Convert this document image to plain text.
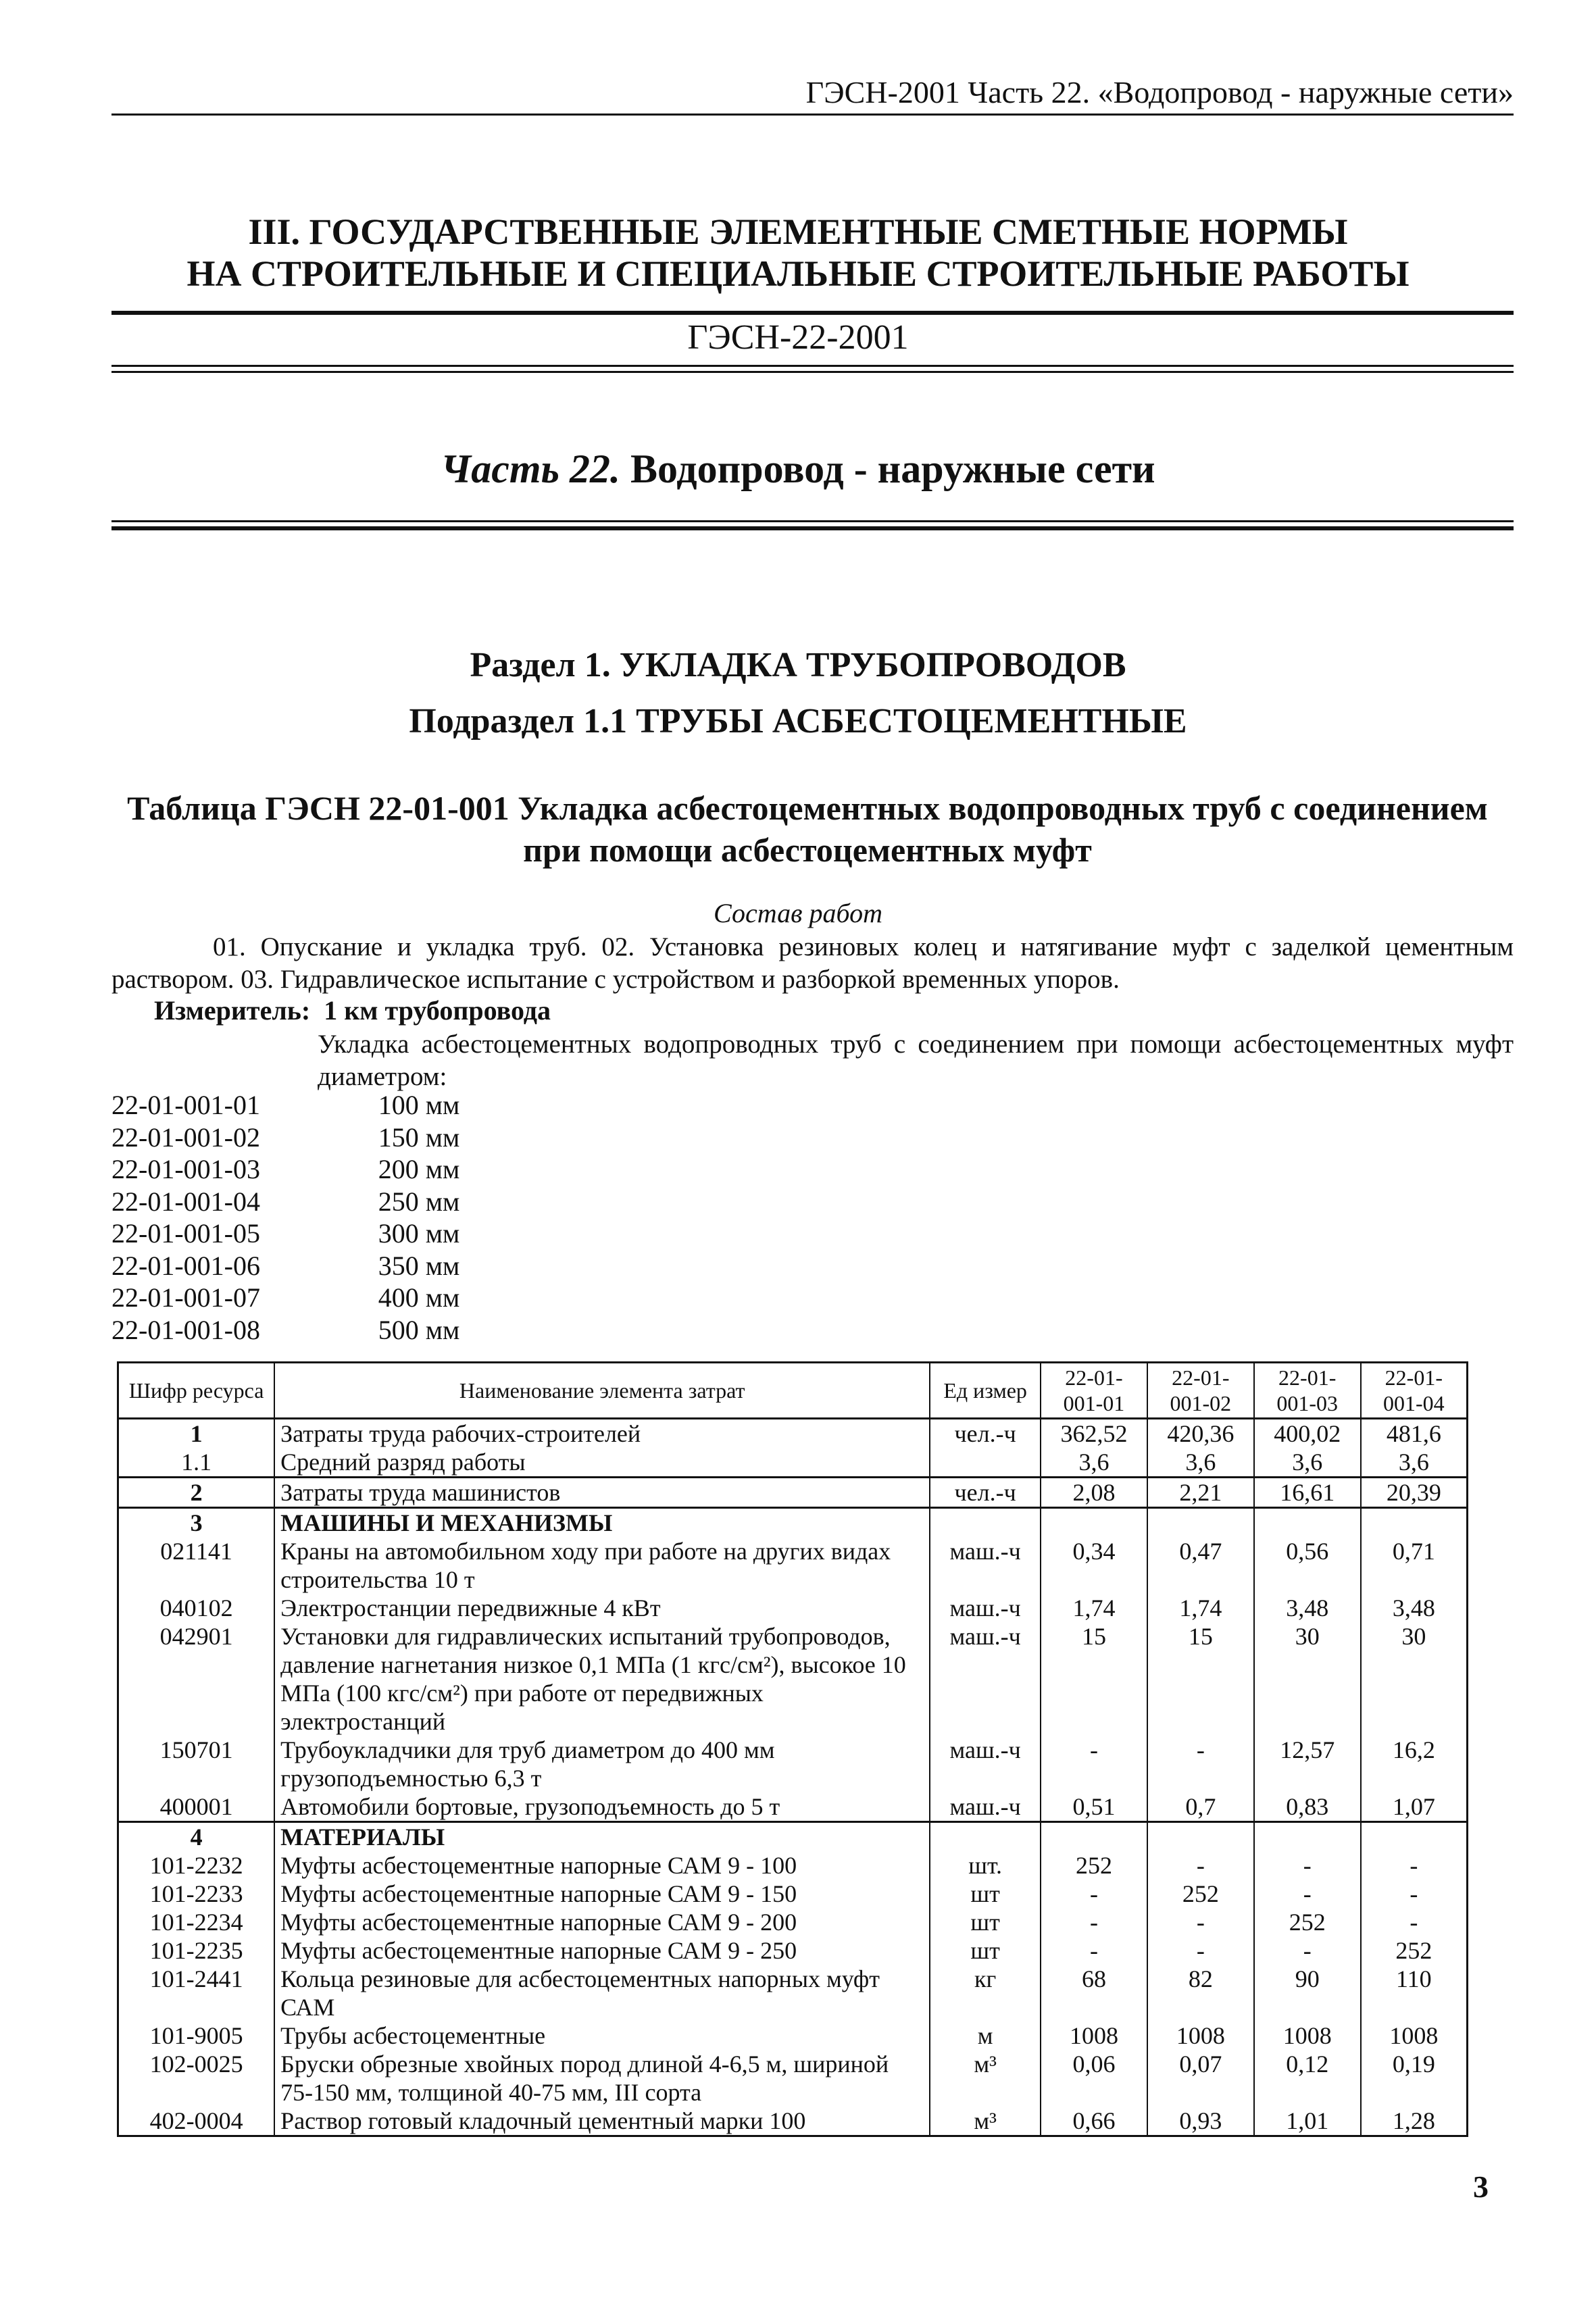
ГЭСН-2001 Часть 22. «Водопровод - наружные сети»
III. ГОСУДАРСТВЕННЫЕ ЭЛЕМЕНТНЫЕ СМЕТНЫЕ НОРМЫ
НА СТРОИТЕЛЬНЫЕ И СПЕЦИАЛЬНЫЕ СТРОИТЕЛЬНЫЕ РАБОТЫ
ГЭСН-22-2001
Часть 22. Водопровод - наружные сети
Раздел 1. УКЛАДКА ТРУБОПРОВОДОВ
Подраздел 1.1 ТРУБЫ АСБЕСТОЦЕМЕНТНЫЕ
Таблица ГЭСН 22-01-001 Укладка асбестоцементных водопроводных труб с соединением
при помощи асбестоцементных муфт
Состав работ
01. Опускание и укладка труб. 02. Установка резиновых колец и натягивание муфт с заделкой цементным раствором. 03. Гидравлическое испытание с устройством и разборкой временных упоров.
Измеритель: 1 км трубопровода
Укладка асбестоцементных водопроводных труб с соединением при помощи асбестоцементных муфт диаметром:
22-01-001-01	100 мм
22-01-001-02	150 мм
22-01-001-03	200 мм
22-01-001-04	250 мм
22-01-001-05	300 мм
22-01-001-06	350 мм
22-01-001-07	400 мм
22-01-001-08	500 мм
Шифр ресурса	Наименование элемента затрат	Ед измер	22-01-001-01	22-01-001-02	22-01-001-03	22-01-001-04
1	Затраты труда рабочих-строителей	чел.-ч	362,52	420,36	400,02	481,6
1.1	Средний разряд работы		3,6	3,6	3,6	3,6
2	Затраты труда машинистов	чел.-ч	2,08	2,21	16,61	20,39
3	МАШИНЫ И МЕХАНИЗМЫ					
021141	Краны на автомобильном ходу при работе на других видах строительства 10 т	маш.-ч	0,34	0,47	0,56	0,71
040102	Электростанции передвижные 4 кВт	маш.-ч	1,74	1,74	3,48	3,48
042901	Установки для гидравлических испытаний трубопроводов, давление нагнетания низкое 0,1 МПа (1 кгс/см²), высокое 10 МПа (100 кгс/см²) при работе от передвижных электростанций	маш.-ч	15	15	30	30
150701	Трубоукладчики для труб диаметром до 400 мм грузоподъемностью 6,3 т	маш.-ч	-	-	12,57	16,2
400001	Автомобили бортовые, грузоподъемность до 5 т	маш.-ч	0,51	0,7	0,83	1,07
4	МАТЕРИАЛЫ					
101-2232	Муфты асбестоцементные напорные САМ 9 - 100	шт.	252	-	-	-
101-2233	Муфты асбестоцементные напорные САМ 9 - 150	шт	-	252	-	-
101-2234	Муфты асбестоцементные напорные САМ 9 - 200	шт	-	-	252	-
101-2235	Муфты асбестоцементные напорные САМ 9 - 250	шт	-	-	-	252
101-2441	Кольца резиновые для асбестоцементных напорных муфт САМ	кг	68	82	90	110
101-9005	Трубы асбестоцементные	м	1008	1008	1008	1008
102-0025	Бруски обрезные хвойных пород длиной 4-6,5 м, шириной 75-150 мм, толщиной 40-75 мм, III сорта	м³	0,06	0,07	0,12	0,19
402-0004	Раствор готовый кладочный цементный марки 100	м³	0,66	0,93	1,01	1,28
3
